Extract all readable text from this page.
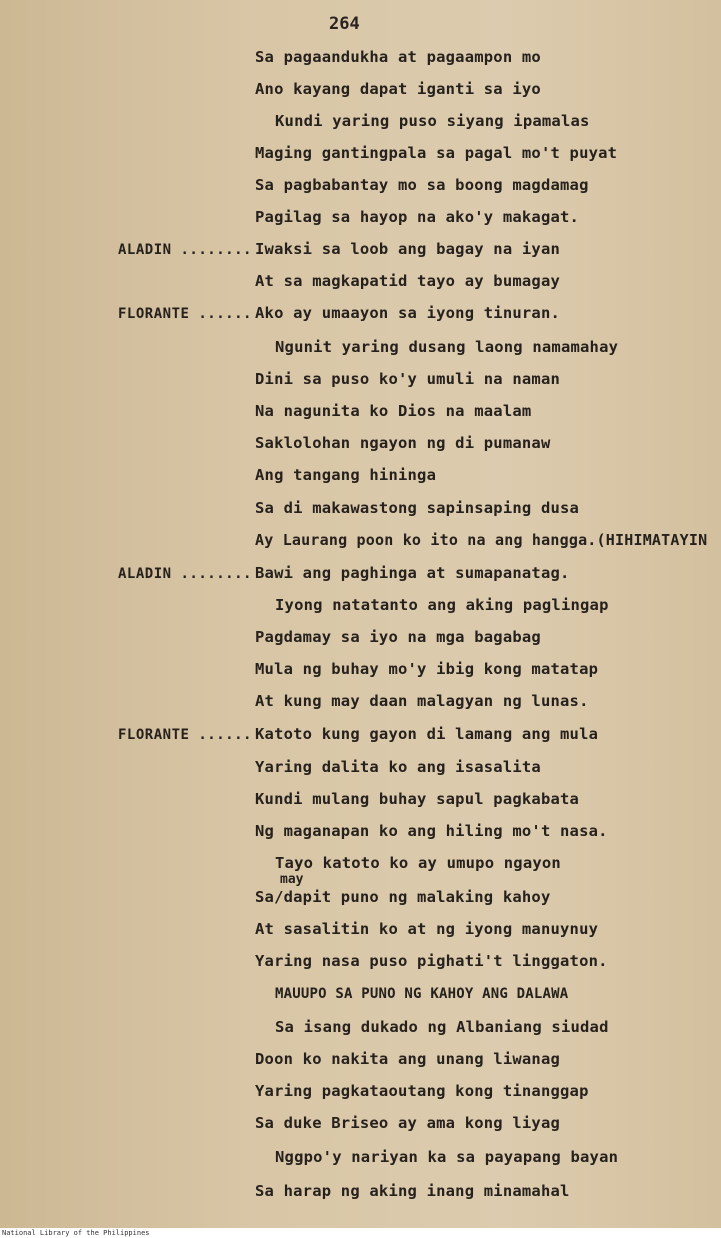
264
Sa pagaandukha at pagaampon mo
Ano kayang dapat iganti sa iyo
Kundi yaring puso siyang ipamalas
Maging gantingpala sa pagal mo't puyat
Sa pagbabantay mo sa boong magdamag
Pagilag sa hayop na ako'y makagat.
ALADIN ........ Iwaksi sa loob ang bagay na iyan
At sa magkapatid tayo ay bumagay
FLORANTE ...... Ako ay umaayon sa iyong tinuran.
Ngunit yaring dusang laong namamahay
Dini sa puso ko'y umuli na naman
Na nagunita ko Dios na maalam
Saklolohan ngayon ng di pumanaw
Ang tangang hininga
Sa di makawastong sapinsaping dusa
Ay Laurang poon ko ito na ang hangga.(HIHIMATAYIN
ALADIN ........ Bawi ang paghinga at sumapanatag.
Iyong natatanto ang aking paglingap
Pagdamay sa iyo na mga bagabag
Mula ng buhay mo'y ibig kong matatap
At kung may daan malagyan ng lunas.
FLORANTE ...... Katoto kung gayon di lamang ang mula
Yaring dalita ko ang isasalita
Kundi mulang buhay sapul pagkabata
Ng maganapan ko ang hiling mo't nasa.
Tayo katoto ko ay umupo ngayon
may
Sa/dapit puno ng malaking kahoy
At sasalitin ko at ng iyong manuynuy
Yaring nasa puso pighati't linggaton.
MAUUPO SA PUNO NG KAHOY ANG DALAWA
Sa isang dukado ng Albaniang siudad
Doon ko nakita ang unang liwanag
Yaring pagkataoutang kong tinanggap
Sa duke Briseo ay ama kong liyag
Nggpo'y nariyan ka sa payapang bayan
Sa harap ng aking inang minamahal
National Library of the Philippines
